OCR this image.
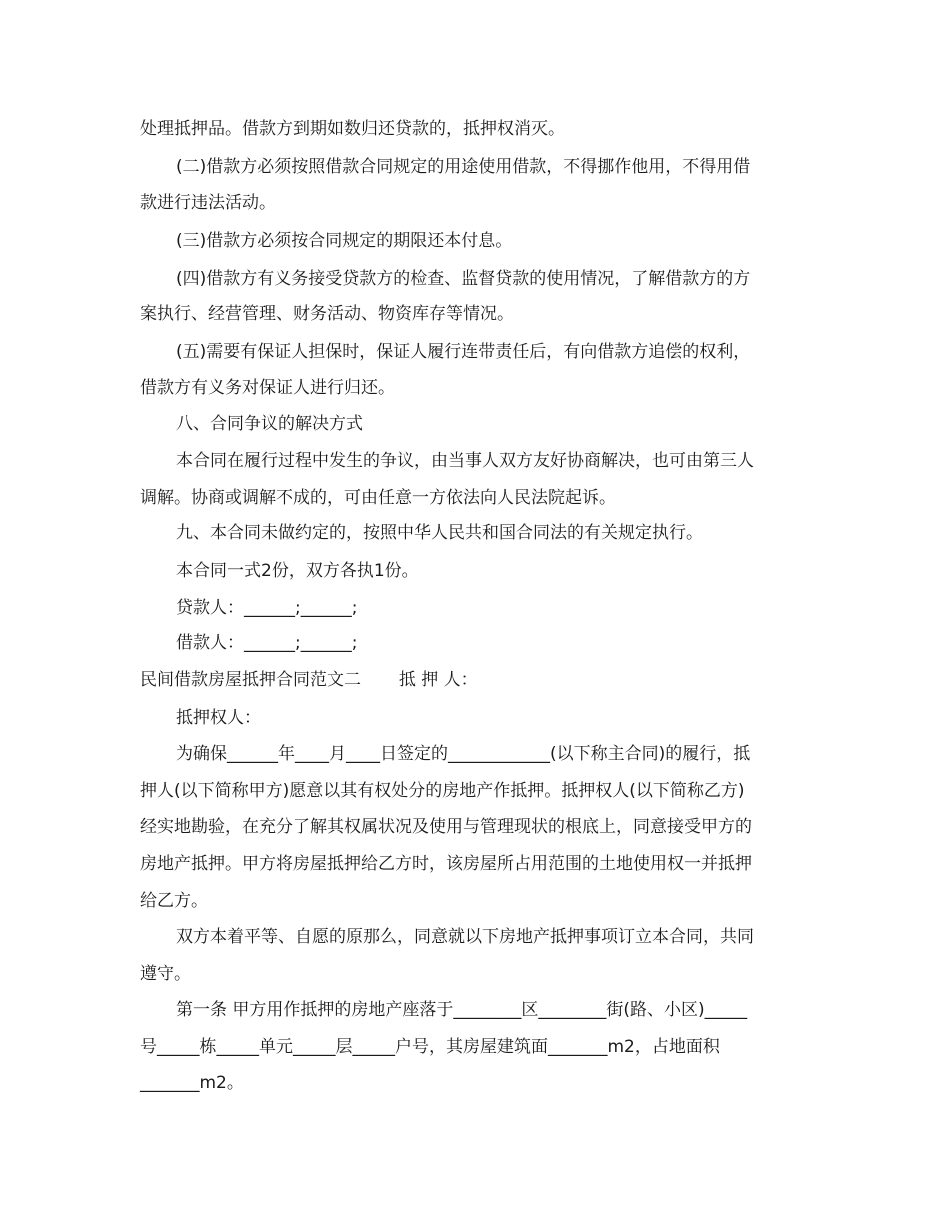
处理抵押品。借款方到期如数归还贷款的，抵押权消灭。

(二)借款方必须按照借款合同规定的用途使用借款，不得挪作他用，不得用借

款进行违法活动。

(三)借款方必须按合同规定的期限还本付息。

(四)借款方有义务接受贷款方的检查、监督贷款的使用情况，了解借款方的方

案执行、经营管理、财务活动、物资库存等情况。

(五)需要有保证人担保时，保证人履行连带责任后，有向借款方追偿的权利，

借款方有义务对保证人进行归还。

八、合同争议的解决方式

本合同在履行过程中发生的争议，由当事人双方友好协商解决，也可由第三人

调解。协商或调解不成的，可由任意一方依法向人民法院起诉。

九、本合同未做约定的，按照中华人民共和国合同法的有关规定执行。

本合同一式2份，双方各执1份。

贷款人：______;______;

借款人：______;______;

民间借款房屋抵押合同范文二       抵 押 人：

抵押权人：

为确保______年____月____日签定的____________(以下称主合同)的履行，抵

押人(以下简称甲方)愿意以其有权处分的房地产作抵押。抵押权人(以下简称乙方)

经实地勘验，在充分了解其权属状况及使用与管理现状的根底上，同意接受甲方的

房地产抵押。甲方将房屋抵押给乙方时，该房屋所占用范围的土地使用权一并抵押

给乙方。

双方本着平等、自愿的原那么，同意就以下房地产抵押事项订立本合同，共同

遵守。

第一条 甲方用作抵押的房地产座落于________区________街(路、小区)_____

号_____栋_____单元_____层_____户号，其房屋建筑面_______m2，占地面积

_______m2。
